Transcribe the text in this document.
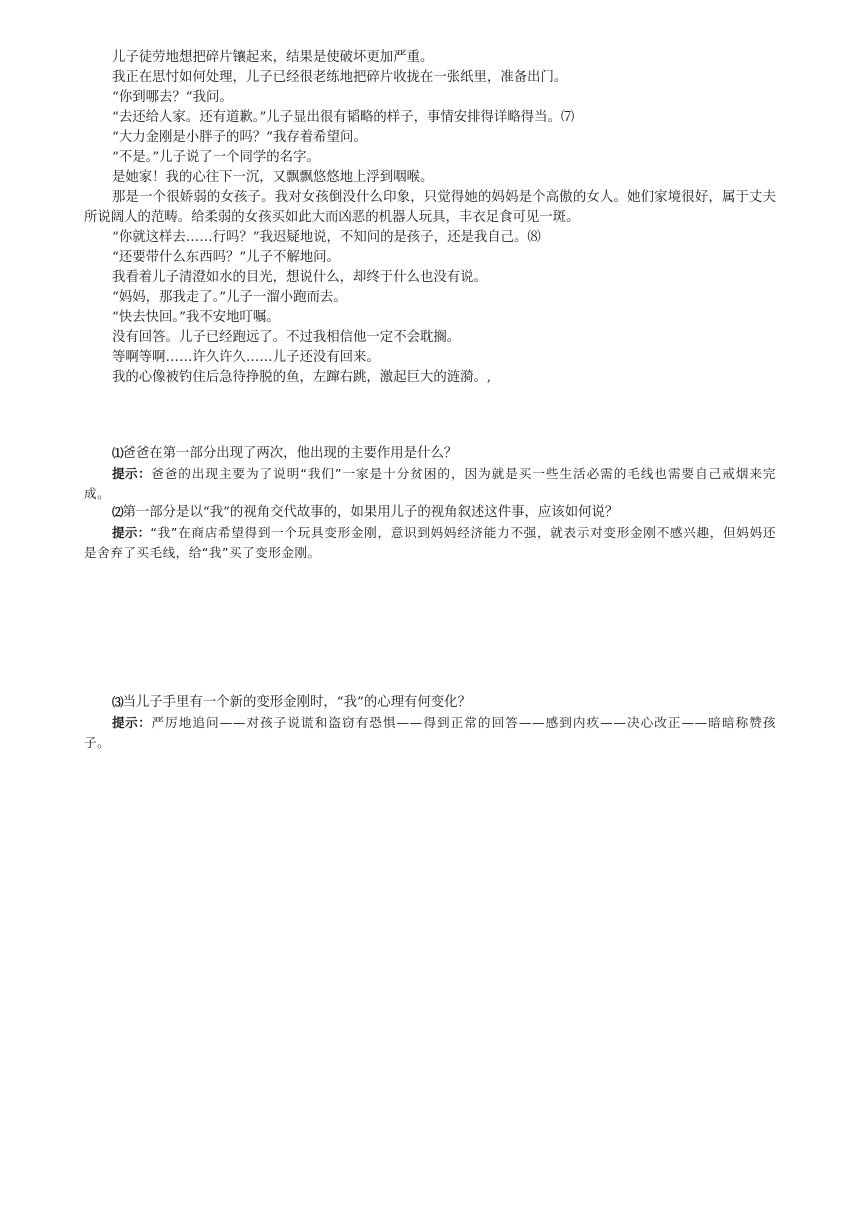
儿子徒劳地想把碎片镶起来，结果是使破坏更加严重。

我正在思忖如何处理，儿子已经很老练地把碎片收拢在一张纸里，准备出门。

“你到哪去？”我问。

“去还给人家。还有道歉。”儿子显出很有韬略的样子，事情安排得详略得当。⑺

“大力金刚是小胖子的吗？”我存着希望问。

“不是。”儿子说了一个同学的名字。

是她家！我的心往下一沉，又飘飘悠悠地上浮到咽喉。

那是一个很娇弱的女孩子。我对女孩倒没什么印象，只觉得她的妈妈是个高傲的女人。她们家境很好，属于丈夫所说阔人的范畴。给柔弱的女孩买如此大而凶恶的机器人玩具，丰衣足食可见一斑。

“你就这样去……行吗？”我迟疑地说，不知问的是孩子，还是我自己。⑻

“还要带什么东西吗？”儿子不解地问。

我看着儿子清澄如水的目光，想说什么，却终于什么也没有说。

“妈妈，那我走了。”儿子一溜小跑而去。

“快去快回。”我不安地叮嘱。

没有回答。儿子已经跑远了。不过我相信他一定不会耽搁。

等啊等啊……许久许久……儿子还没有回来。

我的心像被钓住后急待挣脱的鱼，左蹿右跳，激起巨大的涟漪。,

⑴爸爸在第一部分出现了两次，他出现的主要作用是什么？

提示：爸爸的出现主要为了说明“我们”一家是十分贫困的，因为就是买一些生活必需的毛线也需要自己戒烟来完成。

⑵第一部分是以“我”的视角交代故事的，如果用儿子的视角叙述这件事，应该如何说？

提示：“我”在商店希望得到一个玩具变形金刚，意识到妈妈经济能力不强，就表示对变形金刚不感兴趣，但妈妈还是舍弃了买毛线，给“我”买了变形金刚。

⑶当儿子手里有一个新的变形金刚时，“我”的心理有何变化？

提示：严厉地追问——对孩子说谎和盗窃有恐惧——得到正常的回答——感到内疚——决心改正——暗暗称赞孩子。
